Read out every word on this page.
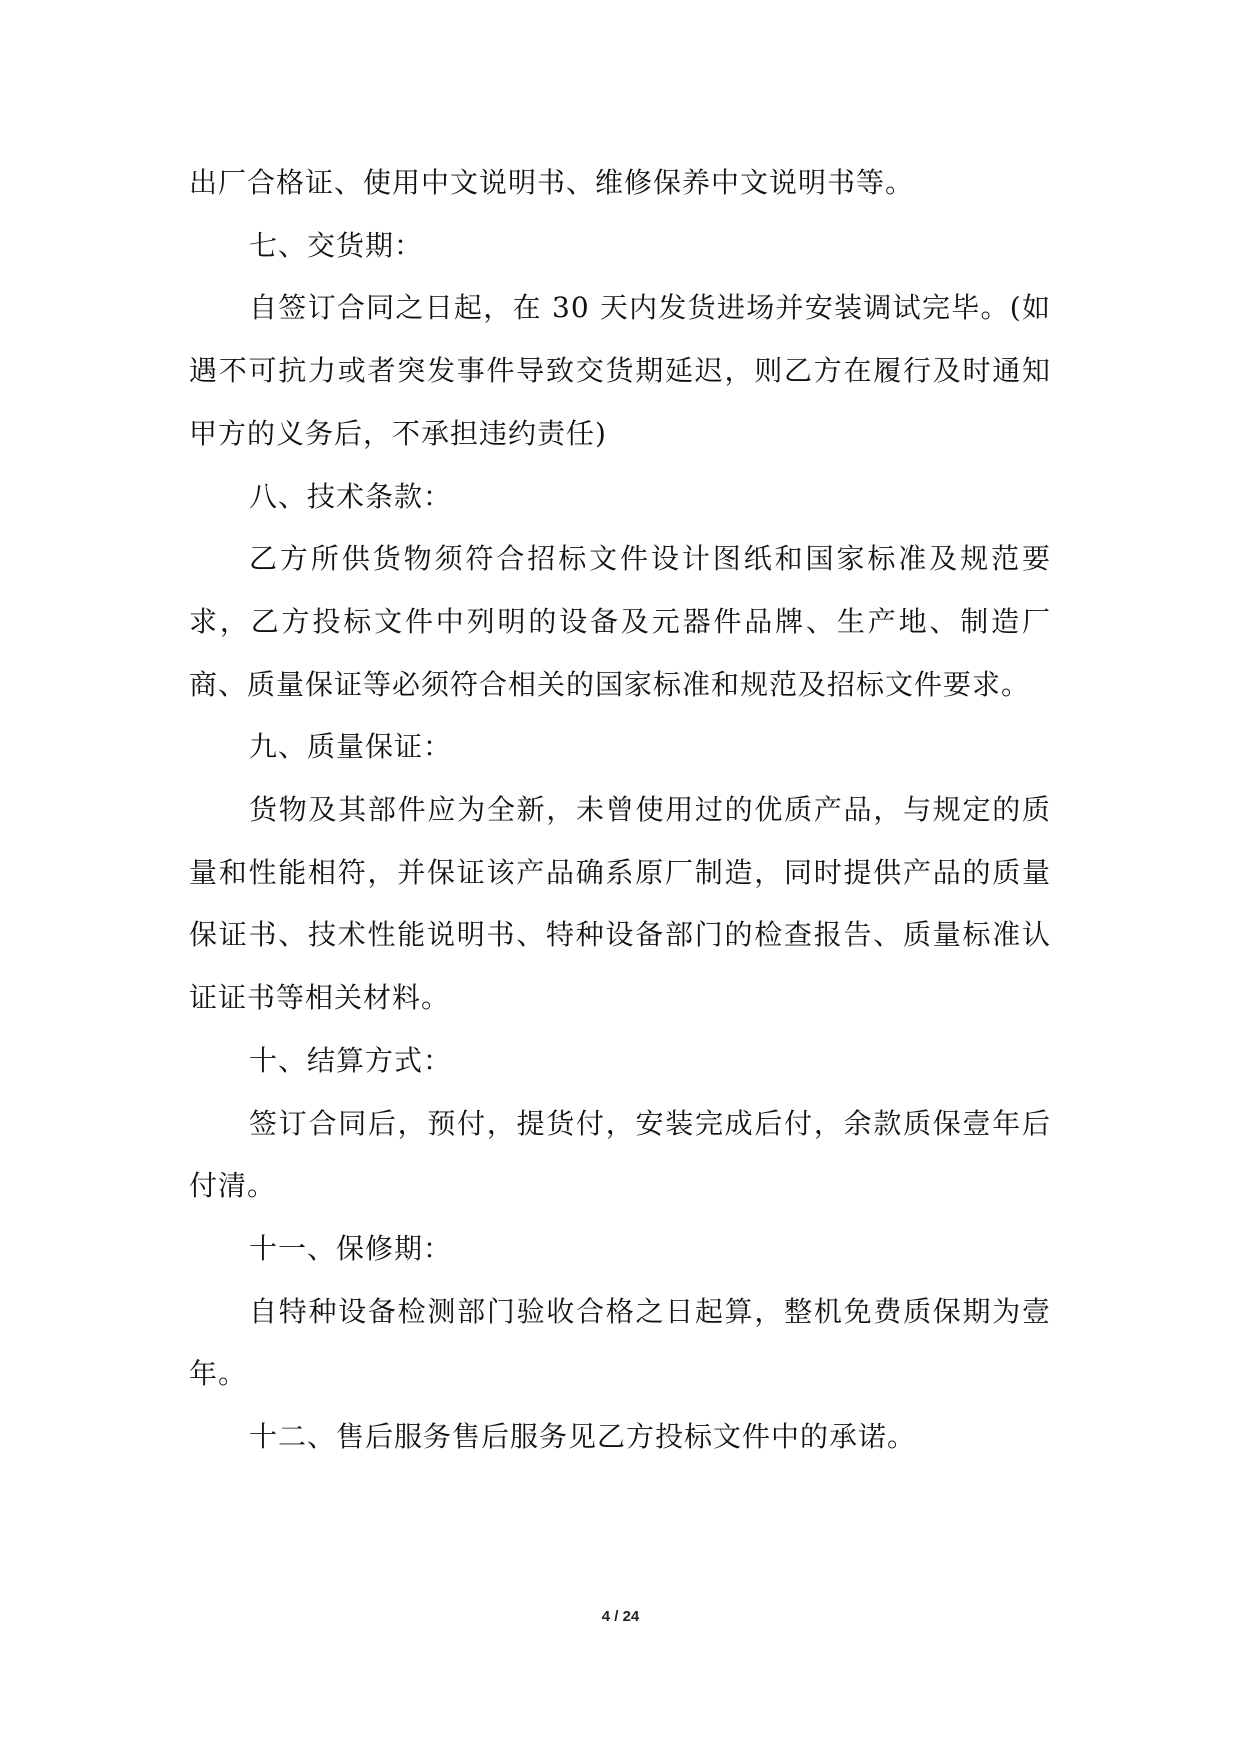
出厂合格证、使用中文说明书、维修保养中文说明书等。

七、交货期：

自签订合同之日起，在 30 天内发货进场并安装调试完毕。(如遇不可抗力或者突发事件导致交货期延迟，则乙方在履行及时通知甲方的义务后，不承担违约责任)

八、技术条款：

乙方所供货物须符合招标文件设计图纸和国家标准及规范要求，乙方投标文件中列明的设备及元器件品牌、生产地、制造厂商、质量保证等必须符合相关的国家标准和规范及招标文件要求。

九、质量保证：

货物及其部件应为全新，未曾使用过的优质产品，与规定的质量和性能相符，并保证该产品确系原厂制造，同时提供产品的质量保证书、技术性能说明书、特种设备部门的检查报告、质量标准认证证书等相关材料。

十、结算方式：

签订合同后，预付，提货付，安装完成后付，余款质保壹年后付清。

十一、保修期：

自特种设备检测部门验收合格之日起算，整机免费质保期为壹年。

十二、售后服务售后服务见乙方投标文件中的承诺。

4 / 24
